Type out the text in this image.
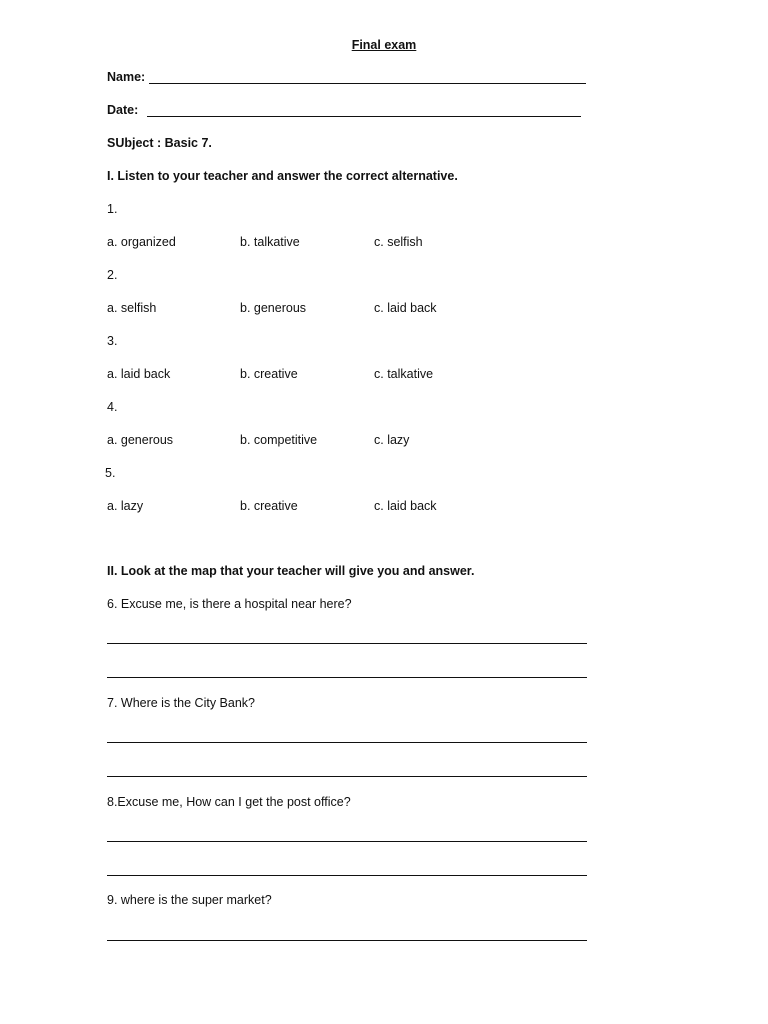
Final exam
Name:
Date:
SUbject : Basic 7.
I. Listen to your teacher and answer the correct alternative.
1.
a. organized	b. talkative	c. selfish
2.
a. selfish	b. generous	c. laid back
3.
a. laid back	b. creative	c. talkative
4.
a. generous	b. competitive	c. lazy
5.
a. lazy	b. creative	c. laid back
II. Look at the map that your teacher will give you and answer.
6. Excuse me, is there a hospital near here?
7. Where is the City Bank?
8.Excuse me, How can I get the post office?
9. where is the super market?
